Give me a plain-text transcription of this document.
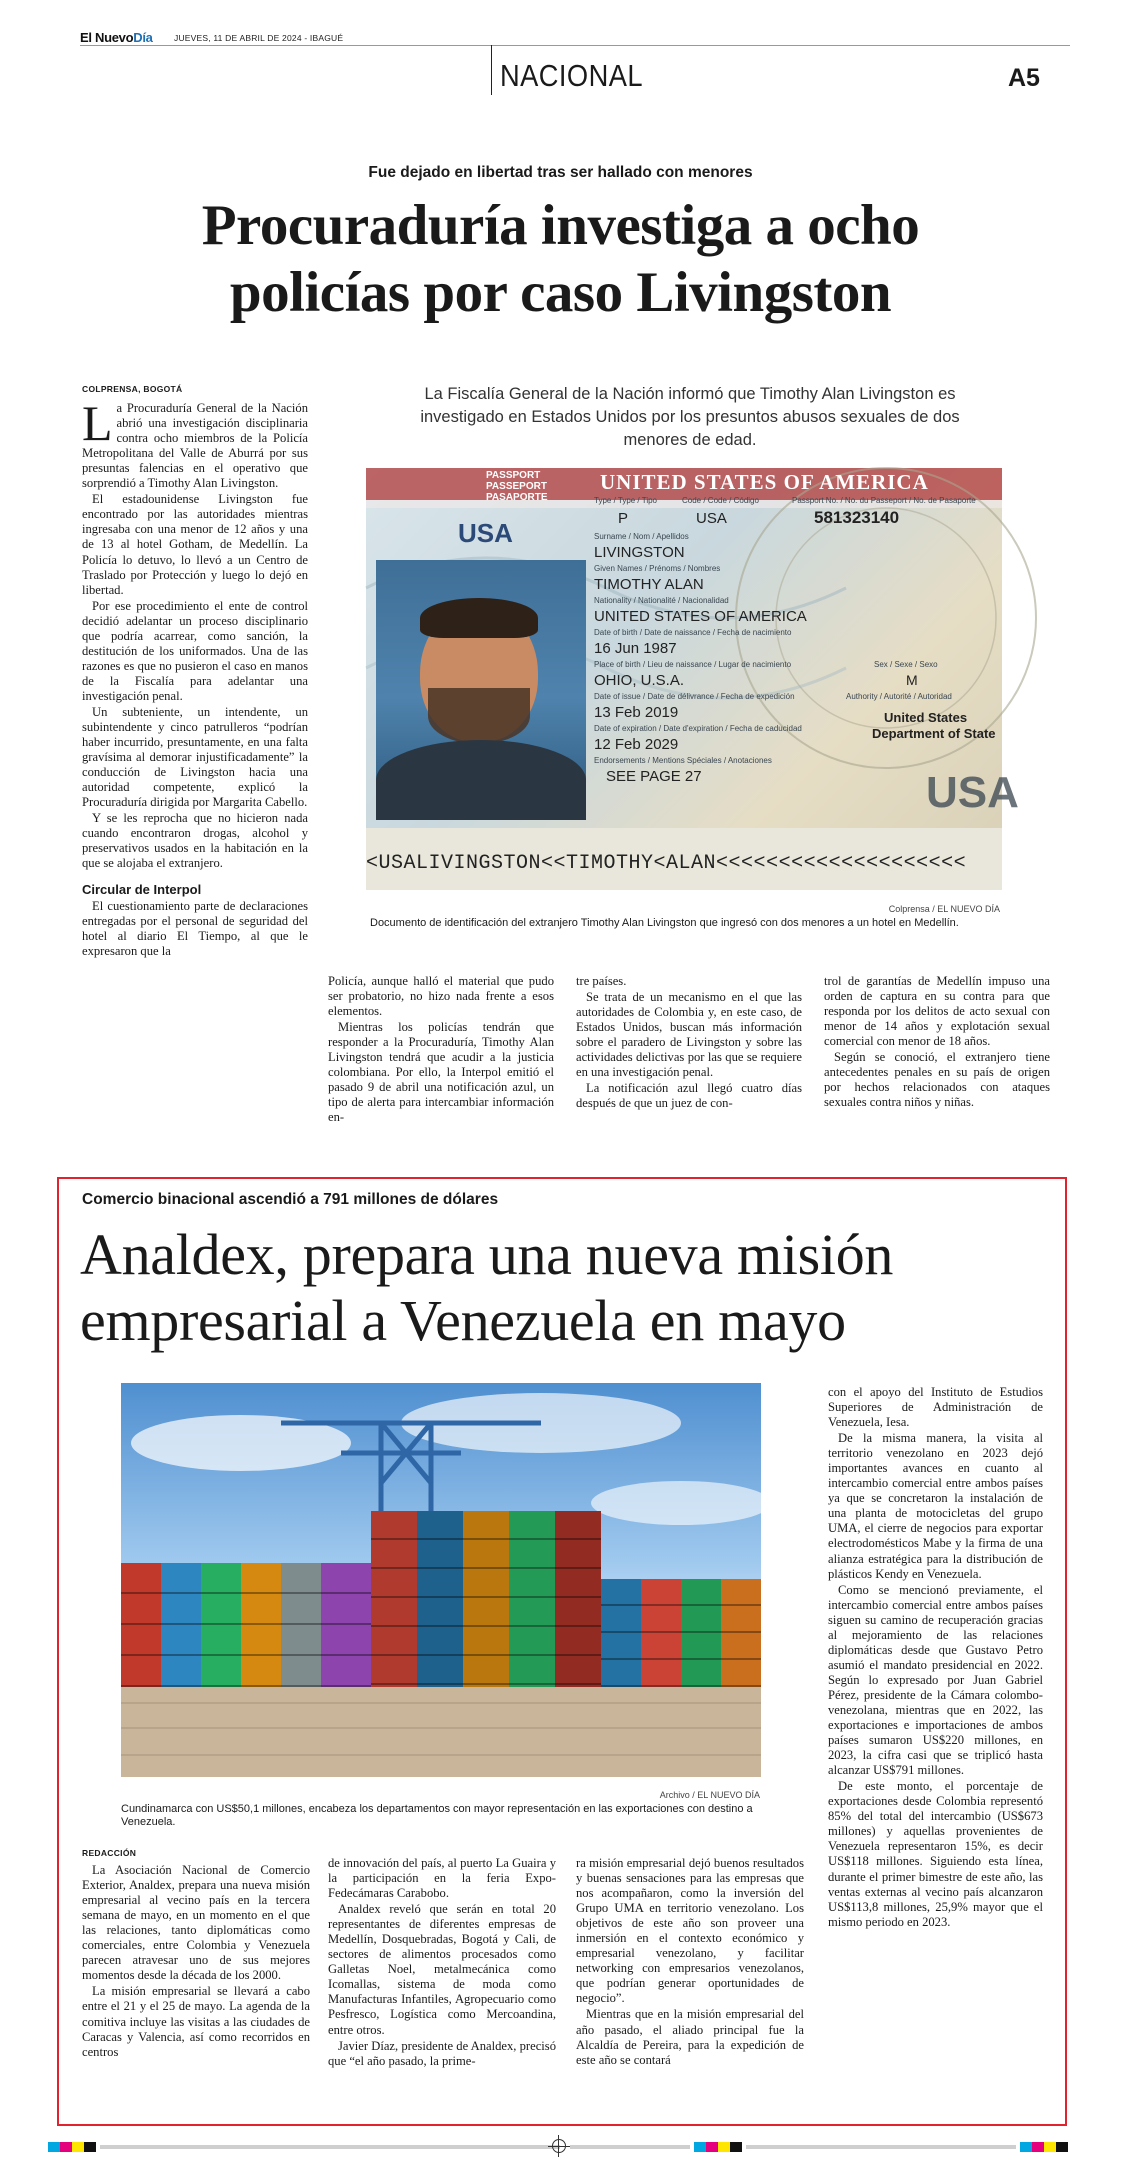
El NuevoDía	JUEVES, 11 DE ABRIL DE 2024 - IBAGUÉ
NACIONAL	A5
Fue dejado en libertad tras ser hallado con menores
Procuraduría investiga a ocho
policías por caso Livingston
COLPRENSA, BOGOTÁ

La Procuraduría General de la Nación abrió una investigación disciplinaria contra ocho miembros de la Policía Metropolitana del Valle de Aburrá por sus presuntas falencias en el operativo que sorprendió a Timothy Alan Livingston.

El estadounidense Livingston fue encontrado por las autoridades mientras ingresaba con una menor de 12 años y una de 13 al hotel Gotham, de Medellín. La Policía lo detuvo, lo llevó a un Centro de Traslado por Protección y luego lo dejó en libertad.

Por ese procedimiento el ente de control decidió adelantar un proceso disciplinario que podría acarrear, como sanción, la destitución de los uniformados. Una de las razones es que no pusieron el caso en manos de la Fiscalía para adelantar una investigación penal.

Un subteniente, un intendente, un subintendente y cinco patrulleros “podrían haber incurrido, presuntamente, en una falta gravísima al demorar injustificadamente” la conducción de Livingston hacia una autoridad competente, explicó la Procuraduría dirigida por Margarita Cabello.

Y se les reprocha que no hicieron nada cuando encontraron drogas, alcohol y preservativos usados en la habitación en la que se alojaba el extranjero.

Circular de Interpol

El cuestionamiento parte de declaraciones entregadas por el personal de seguridad del hotel al diario El Tiempo, al que le expresaron que la

La Fiscalía General de la Nación informó que Timothy Alan Livingston es investigado en Estados Unidos por los presuntos abusos sexuales de dos menores de edad.
PASSPORT
PASSEPORT
PASAPORTE
UNITED STATES OF AMERICA
USA
Type / Type / Tipo	Code / Code / Código	Passport No. / No. du Passeport / No. de Pasaporte
P	USA	581323140
Surname / Nom / Apellidos
LIVINGSTON
Given Names / Prénoms / Nombres
TIMOTHY ALAN
Nationality / Nationalité / Nacionalidad
UNITED STATES OF AMERICA
Date of birth / Date de naissance / Fecha de nacimiento
16 Jun 1987
Place of birth / Lieu de naissance / Lugar de nacimiento
OHIO, U.S.A.
Sex / Sexe / Sexo
M
Date of issue / Date de délivrance / Fecha de expedición
13 Feb 2019
Authority / Autorité / Autoridad
United States
Department of State
Date of expiration / Date d'expiration / Fecha de caducidad
12 Feb 2029
Endorsements / Mentions Spéciales / Anotaciones
SEE PAGE 27	USA
<USALIVINGSTON<<TIMOTHY<ALAN<<<<<<<<<<<<<<<<<<<<
Colprensa / EL NUEVO DÍA
Documento de identificación del extranjero Timothy Alan Livingston que ingresó con dos menores a un hotel en Medellín.

Policía, aunque halló el material que pudo ser probatorio, no hizo nada frente a esos elementos.

Mientras los policías tendrán que responder a la Procuraduría, Timothy Alan Livingston tendrá que acudir a la justicia colombiana. Por ello, la Interpol emitió el pasado 9 de abril una notificación azul, un tipo de alerta para intercambiar información en-

tre países.

Se trata de un mecanismo en el que las autoridades de Colombia y, en este caso, de Estados Unidos, buscan más información sobre el paradero de Livingston y sobre las actividades delictivas por las que se requiere en una investigación penal.

La notificación azul llegó cuatro días después de que un juez de con-

trol de garantías de Medellín impuso una orden de captura en su contra para que responda por los delitos de acto sexual con menor de 14 años y explotación sexual comercial con menor de 18 años.

Según se conoció, el extranjero tiene antecedentes penales en su país de origen por hechos relacionados con ataques sexuales contra niños y niñas.

Comercio binacional ascendió a 791 millones de dólares
Analdex, prepara una nueva misión
empresarial a Venezuela en mayo
Archivo / EL NUEVO DÍA
Cundinamarca con US$50,1 millones, encabeza los departamentos con mayor representación en las exportaciones con destino a Venezuela.
REDACCIÓN

La Asociación Nacional de Comercio Exterior, Analdex, prepara una nueva misión empresarial al vecino país en la tercera semana de mayo, en un momento en el que las relaciones, tanto diplomáticas como comerciales, entre Colombia y Venezuela parecen atravesar uno de sus mejores momentos desde la década de los 2000.

La misión empresarial se llevará a cabo entre el 21 y el 25 de mayo. La agenda de la comitiva incluye las visitas a las ciudades de Caracas y Valencia, así como recorridos en centros

de innovación del país, al puerto La Guaira y la participación en la feria Expo-Fedecámaras Carabobo.

Analdex reveló que serán en total 20 representantes de diferentes empresas de Medellín, Dosquebradas, Bogotá y Cali, de sectores de alimentos procesados como Galletas Noel, metalmecánica como Icomallas, sistema de moda como Manufacturas Infantiles, Agropecuario como Pesfresco, Logística como Mercoandina, entre otros.

Javier Díaz, presidente de Analdex, precisó que “el año pasado, la prime-

ra misión empresarial dejó buenos resultados y buenas sensaciones para las empresas que nos acompañaron, como la inversión del Grupo UMA en territorio venezolano. Los objetivos de este año son proveer una inmersión en el contexto económico y empresarial venezolano, y facilitar networking con empresarios venezolanos, que podrían generar oportunidades de negocio”.

Mientras que en la misión empresarial del año pasado, el aliado principal fue la Alcaldía de Pereira, para la expedición de este año se contará

con el apoyo del Instituto de Estudios Superiores de Administración de Venezuela, Iesa.

De la misma manera, la visita al territorio venezolano en 2023 dejó importantes avances en cuanto al intercambio comercial entre ambos países ya que se concretaron la instalación de una planta de motocicletas del grupo UMA, el cierre de negocios para exportar electrodomésticos Mabe y la firma de una alianza estratégica para la distribución de plásticos Kendy en Venezuela.

Como se mencionó previamente, el intercambio comercial entre ambos países siguen su camino de recuperación gracias al mejoramiento de las relaciones diplomáticas desde que Gustavo Petro asumió el mandato presidencial en 2022. Según lo expresado por Juan Gabriel Pérez, presidente de la Cámara colombo-venezolana, mientras que en 2022, las exportaciones e importaciones de ambos países sumaron US$220 millones, en 2023, la cifra casi que se triplicó hasta alcanzar US$791 millones.

De este monto, el porcentaje de exportaciones desde Colombia representó 85% del total del intercambio (US$673 millones) y aquellas provenientes de Venezuela representaron 15%, es decir US$118 millones. Siguiendo esta línea, durante el primer bimestre de este año, las ventas externas al vecino país alcanzaron US$113,8 millones, 25,9% mayor que el mismo periodo en 2023.
